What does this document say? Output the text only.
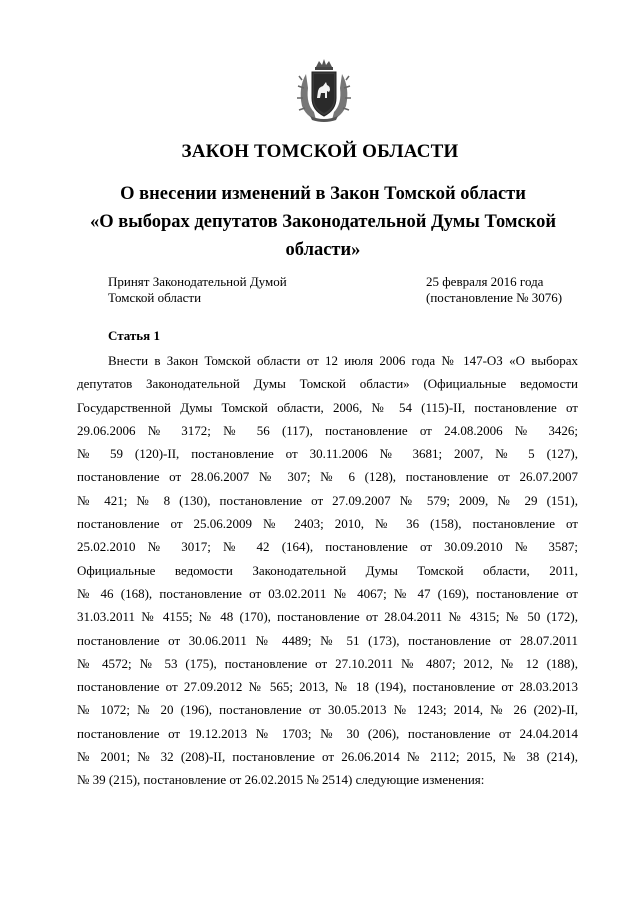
ЗАКОН ТОМСКОЙ ОБЛАСТИ
О внесении изменений в Закон Томской области
«О выборах депутатов Законодательной Думы Томской
области»
Принят Законодательной Думой
Томской области
25 февраля 2016 года
(постановление № 3076)
Статья 1
Внести в Закон Томской области от 12 июля 2006 года № 147-ОЗ «О выборах
депутатов Законодательной Думы Томской области» (Официальные ведомости
Государственной Думы Томской области, 2006, № 54 (115)-II, постановление от
29.06.2006 № 3172; № 56 (117), постановление от 24.08.2006 № 3426;
№ 59 (120)-II, постановление от 30.11.2006 № 3681; 2007, № 5 (127),
постановление от 28.06.2007 № 307; № 6 (128), постановление от 26.07.2007
№ 421; № 8 (130), постановление от 27.09.2007 № 579; 2009, № 29 (151),
постановление от 25.06.2009 № 2403; 2010, № 36 (158), постановление от
25.02.2010 № 3017; № 42 (164), постановление от 30.09.2010 № 3587;
Официальные ведомости Законодательной Думы Томской области, 2011,
№ 46 (168), постановление от 03.02.2011 № 4067; № 47 (169), постановление от
31.03.2011 № 4155; № 48 (170), постановление от 28.04.2011 № 4315; № 50 (172),
постановление от 30.06.2011 № 4489; № 51 (173), постановление от 28.07.2011
№ 4572; № 53 (175), постановление от 27.10.2011 № 4807; 2012, № 12 (188),
постановление от 27.09.2012 № 565; 2013, № 18 (194), постановление от 28.03.2013
№ 1072; № 20 (196), постановление от 30.05.2013 № 1243; 2014, № 26 (202)-II,
постановление от 19.12.2013 № 1703; № 30 (206), постановление от 24.04.2014
№ 2001; № 32 (208)-II, постановление от 26.06.2014 № 2112; 2015, № 38 (214),
№ 39 (215), постановление от 26.02.2015 № 2514) следующие изменения:
